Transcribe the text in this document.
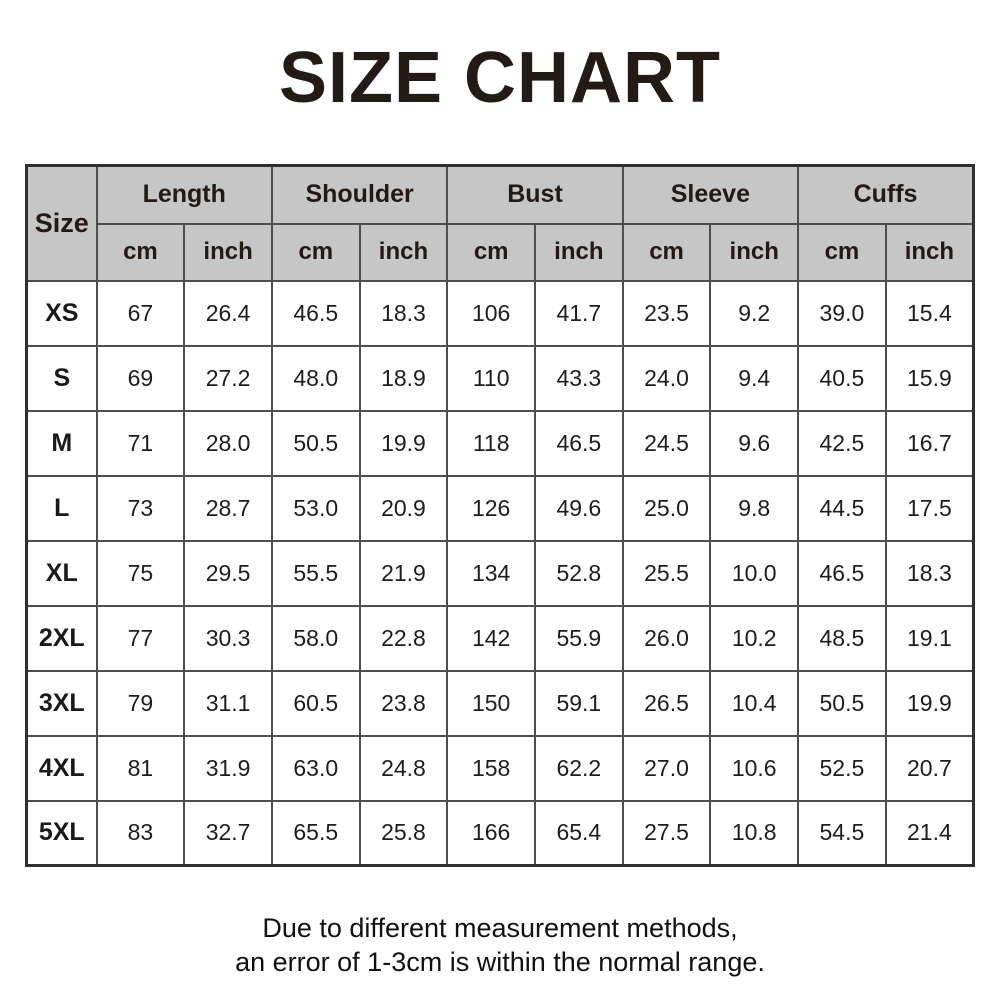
SIZE CHART
Size	Length		Shoulder		Bust		Sleeve		Cuffs	
	cm	inch	cm	inch	cm	inch	cm	inch	cm	inch
XS	67	26.4	46.5	18.3	106	41.7	23.5	9.2	39.0	15.4
S	69	27.2	48.0	18.9	110	43.3	24.0	9.4	40.5	15.9
M	71	28.0	50.5	19.9	118	46.5	24.5	9.6	42.5	16.7
L	73	28.7	53.0	20.9	126	49.6	25.0	9.8	44.5	17.5
XL	75	29.5	55.5	21.9	134	52.8	25.5	10.0	46.5	18.3
2XL	77	30.3	58.0	22.8	142	55.9	26.0	10.2	48.5	19.1
3XL	79	31.1	60.5	23.8	150	59.1	26.5	10.4	50.5	19.9
4XL	81	31.9	63.0	24.8	158	62.2	27.0	10.6	52.5	20.7
5XL	83	32.7	65.5	25.8	166	65.4	27.5	10.8	54.5	21.4

Due to different measurement methods,
an error of 1-3cm is within the normal range.
